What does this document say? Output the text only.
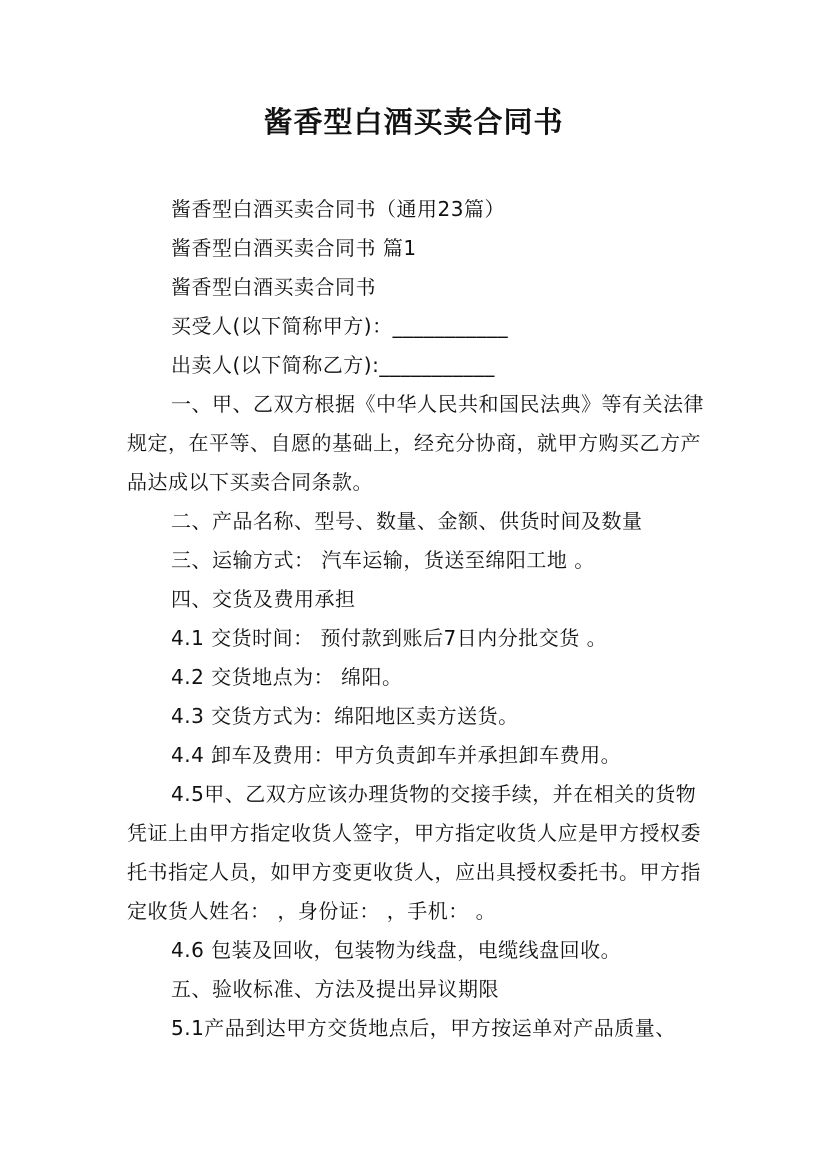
酱香型白酒买卖合同书

酱香型白酒买卖合同书（通用23篇）

酱香型白酒买卖合同书 篇1

酱香型白酒买卖合同书

买受人(以下简称甲方)：___________

出卖人(以下简称乙方):___________

一、甲、乙双方根据《中华人民共和国民法典》等有关法律规定，在平等、自愿的基础上，经充分协商，就甲方购买乙方产品达成以下买卖合同条款。

二、产品名称、型号、数量、金额、供货时间及数量

三、运输方式： 汽车运输，货送至绵阳工地 。

四、交货及费用承担

4.1 交货时间： 预付款到账后7日内分批交货 。

4.2 交货地点为： 绵阳。

4.3 交货方式为：绵阳地区卖方送货。

4.4 卸车及费用：甲方负责卸车并承担卸车费用。

4.5甲、乙双方应该办理货物的交接手续，并在相关的货物凭证上由甲方指定收货人签字，甲方指定收货人应是甲方授权委托书指定人员，如甲方变更收货人，应出具授权委托书。甲方指定收货人姓名： ，身份证： ，手机： 。

4.6 包装及回收，包装物为线盘，电缆线盘回收。

五、验收标准、方法及提出异议期限

5.1产品到达甲方交货地点后，甲方按运单对产品质量、
